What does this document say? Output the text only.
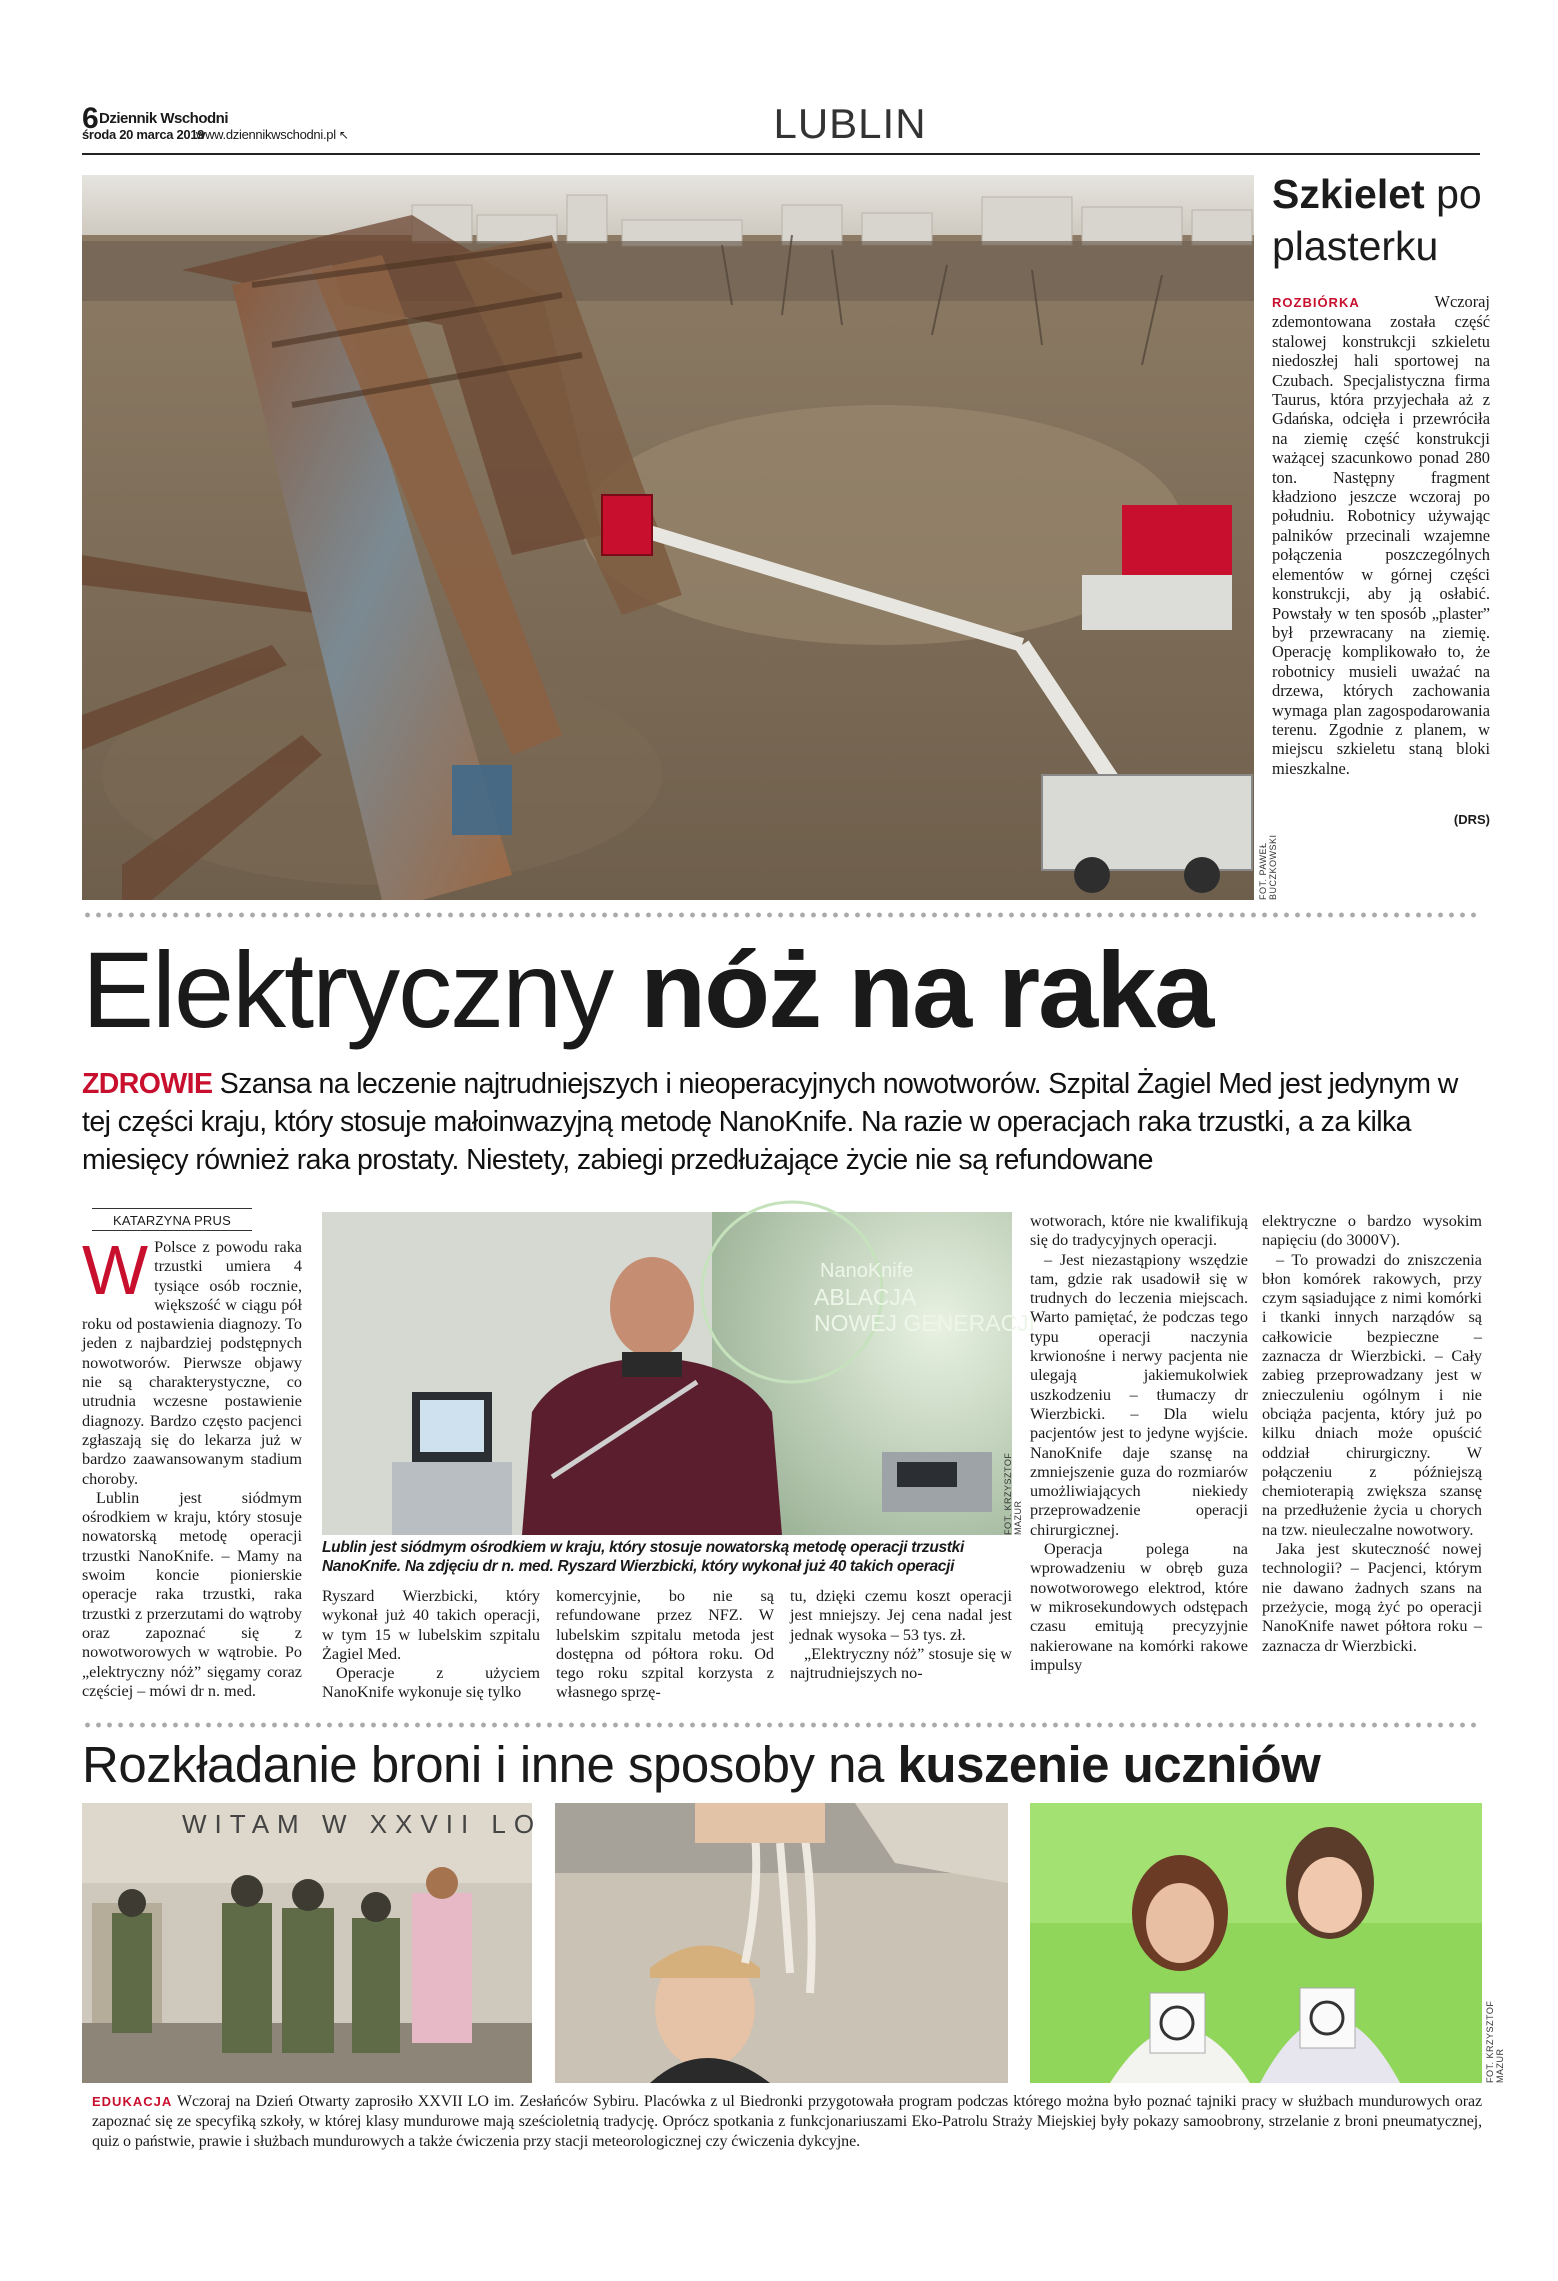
6 Dziennik Wschodni
środa 20 marca 2019
www.dziennikwschodni.pl ↖	LUBLIN
FOT. PAWEŁ BUCZKOWSKI
Szkielet po plasterku
ROZBIÓRKA	Wczoraj zdemontowana została część stalowej konstrukcji szkieletu niedoszłej hali sportowej na Czubach. Specjalistyczna firma Taurus, która przyjechała aż z Gdańska, odcięła i przewróciła na ziemię część konstrukcji ważącej szacunkowo ponad 280 ton. Następny fragment kładziono jeszcze wczoraj po południu. Robotnicy używając palników przecinali wzajemne połączenia poszczególnych elementów w górnej części konstrukcji, aby ją osłabić. Powstały w ten sposób „plaster” był przewracany na ziemię. Operację komplikowało to, że robotnicy musieli uważać na drzewa, których zachowania wymaga plan zagospodarowania terenu. Zgodnie z planem, w miejscu szkieletu staną bloki mieszkalne.
(DRS)
Elektryczny nóż na raka
ZDROWIE Szansa na leczenie najtrudniejszych i nieoperacyjnych nowotworów. Szpital Żagiel Med jest jedynym w tej części kraju, który stosuje małoinwazyjną metodę NanoKnife. Na razie w operacjach raka trzustki, a za kilka miesięcy również raka prostaty. Niestety, zabiegi przedłużające życie nie są refundowane
KATARZYNA PRUS

W Polsce z powodu raka trzustki umiera 4 tysiące osób rocznie, większość w ciągu pół roku od postawienia diagnozy. To jeden z najbardziej podstępnych nowotworów. Pierwsze objawy nie są charakterystyczne, co utrudnia wczesne postawienie diagnozy. Bardzo często pacjenci zgłaszają się do lekarza już w bardzo zaawansowanym stadium choroby.

Lublin jest siódmym ośrodkiem w kraju, który stosuje nowatorską metodę operacji trzustki NanoKnife. – Mamy na swoim koncie pionierskie operacje raka trzustki, raka trzustki z przerzutami do wątroby oraz zapoznać się z nowotworowych w wątrobie. Po „elektryczny nóż” sięgamy coraz częściej – mówi dr n. med.

NanoKnife
ABLACJA
NOWEJ GENERACJI
FOT. KRZYSZTOF MAZUR
Lublin jest siódmym ośrodkiem w kraju, który stosuje nowatorską metodę operacji trzustki NanoKnife. Na zdjęciu dr n. med. Ryszard Wierzbicki, który wykonał już 40 takich operacji

Ryszard Wierzbicki, który wykonał już 40 takich operacji, w tym 15 w lubelskim szpitalu Żagiel Med.

Operacje z użyciem NanoKnife wykonuje się tylko

komercyjnie, bo nie są refundowane przez NFZ. W lubelskim szpitalu metoda jest dostępna od półtora roku. Od tego roku szpital korzysta z własnego sprzę-

tu, dzięki czemu koszt operacji jest mniejszy. Jej cena nadal jest jednak wysoka – 53 tys. zł.

„Elektryczny nóż” stosuje się w najtrudniejszych no-

wotworach, które nie kwalifikują się do tradycyjnych operacji.

– Jest niezastąpiony wszędzie tam, gdzie rak usadowił się w trudnych do leczenia miejscach. Warto pamiętać, że podczas tego typu operacji naczynia krwionośne i nerwy pacjenta nie ulegają jakiemukolwiek uszkodzeniu – tłumaczy dr Wierzbicki. – Dla wielu pacjentów jest to jedyne wyjście. NanoKnife daje szansę na zmniejszenie guza do rozmiarów umożliwiających niekiedy przeprowadzenie operacji chirurgicznej.

Operacja polega na wprowadzeniu w obręb guza nowotworowego elektrod, które w mikrosekundowych odstępach czasu emitują precyzyjnie nakierowane na komórki rakowe impulsy

elektryczne o bardzo wysokim napięciu (do 3000V).

– To prowadzi do zniszczenia błon komórek rakowych, przy czym sąsiadujące z nimi komórki i tkanki innych narządów są całkowicie bezpieczne – zaznacza dr Wierzbicki. – Cały zabieg przeprowadzany jest w znieczuleniu ogólnym i nie obciąża pacjenta, który już po kilku dniach może opuścić oddział chirurgiczny. W połączeniu z późniejszą chemioterapią zwiększa szansę na przedłużenie życia u chorych na tzw. nieuleczalne nowotwory.

Jaka jest skuteczność nowej technologii? – Pacjenci, którym nie dawano żadnych szans na przeżycie, mogą żyć po operacji NanoKnife nawet półtora roku – zaznacza dr Wierzbicki.

Rozkładanie broni i inne sposoby na kuszenie uczniów
WITAM W XXVII LO
FOT. KRZYSZTOF MAZUR
EDUKACJA Wczoraj na Dzień Otwarty zaprosiło XXVII LO im. Zesłańców Sybiru. Placówka z ul Biedronki przygotowała program podczas którego można było poznać tajniki pracy w służbach mundurowych oraz zapoznać się ze specyfiką szkoły, w której klasy mundurowe mają sześcioletnią tradycję. Oprócz spotkania z funkcjonariuszami Eko-Patrolu Straży Miejskiej były pokazy samoobrony, strzelanie z broni pneumatycznej, quiz o państwie, prawie i służbach mundurowych a także ćwiczenia przy stacji meteorologicznej czy ćwiczenia dykcyjne.
